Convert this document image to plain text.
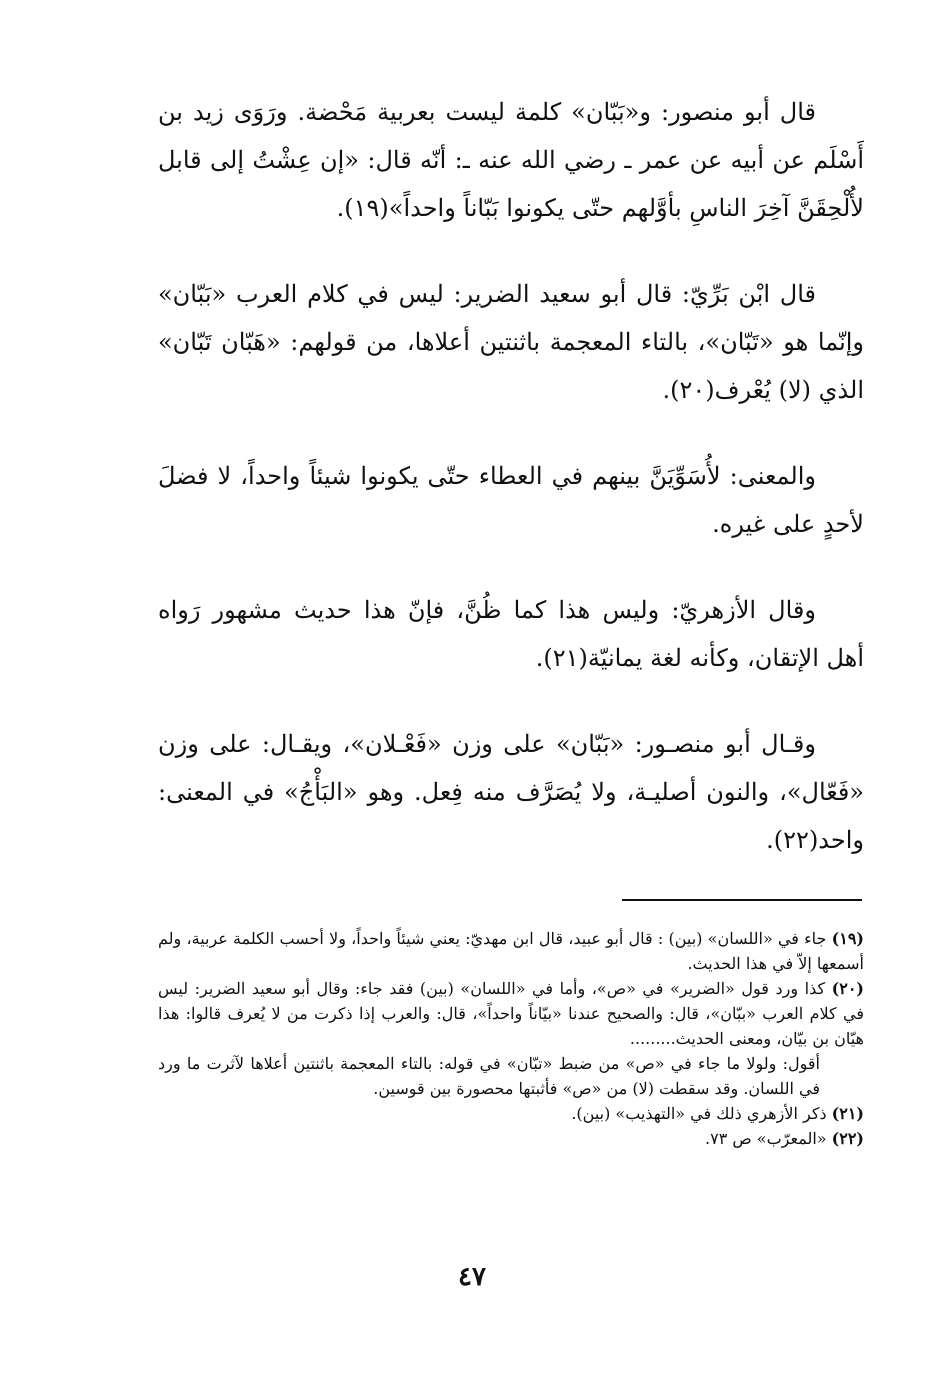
قال أبو منصور: و«بَبّان» كلمة ليست بعربية مَحْضة. ورَوَى زيد بن أَسْلَم عن أبيه عن عمر ـ رضي الله عنه ـ: أنّه قال: «إن عِشْتُ إلى قابل لأُلْحِقَنَّ آخِرَ الناسِ بأوَّلهم حتّى يكونوا بَبّاناً واحداً»(١٩).

قال ابْن بَرِّيّ: قال أبو سعيد الضرير: ليس في كلام العرب «بَبّان» وإنّما هو «تَبّان»، بالتاء المعجمة باثنتين أعلاها، من قولهم: «هَبّان تَبّان» الذي (لا) يُعْرف(٢٠).

والمعنى: لأُسَوِّيَنَّ بينهم في العطاء حتّى يكونوا شيئاً واحداً، لا فضلَ لأحدٍ على غيره.

وقال الأزهريّ: وليس هذا كما ظُنَّ، فإنّ هذا حديث مشهور رَواه أهل الإتقان، وكأنه لغة يمانيّة(٢١).

وقـال أبو منصـور: «بَبّان» على وزن «فَعْـلان»، ويقـال: على وزن «فَعّال»، والنون أصليـة، ولا يُصَرَّف منه فِعل. وهو «البَأْجُ» في المعنى: واحد(٢٢).

(١٩) جاء في «اللسان» (بين) : قال أبو عبيد، قال ابن مهديّ: يعني شيئاً واحداً، ولا أحسب الكلمة عربية، ولم أسمعها إلاّ في هذا الحديث.
(٢٠) كذا ورد قول «الضرير» في «ص»، وأما في «اللسان» (بين) فقد جاء: وقال أبو سعيد الضرير: ليس في كلام العرب «ببّان»، قال: والصحيح عندنا «بيّاناً واحداً»، قال: والعرب إذا ذكرت من لا يُعرف قالوا: هذا هيّان بن بيّان، ومعنى الحديث.........
أقول: ولولا ما جاء في «ص» من ضبط «تبّان» في قوله: بالتاء المعجمة باثنتين أعلاها لآثرت ما ورد في اللسان. وقد سقطت (لا) من «ص» فأثبتها محصورة بين قوسين.
(٢١) ذكر الأزهري ذلك في «التهذيب» (بين).
(٢٢) «المعرّب» ص ٧٣.
٤٧
